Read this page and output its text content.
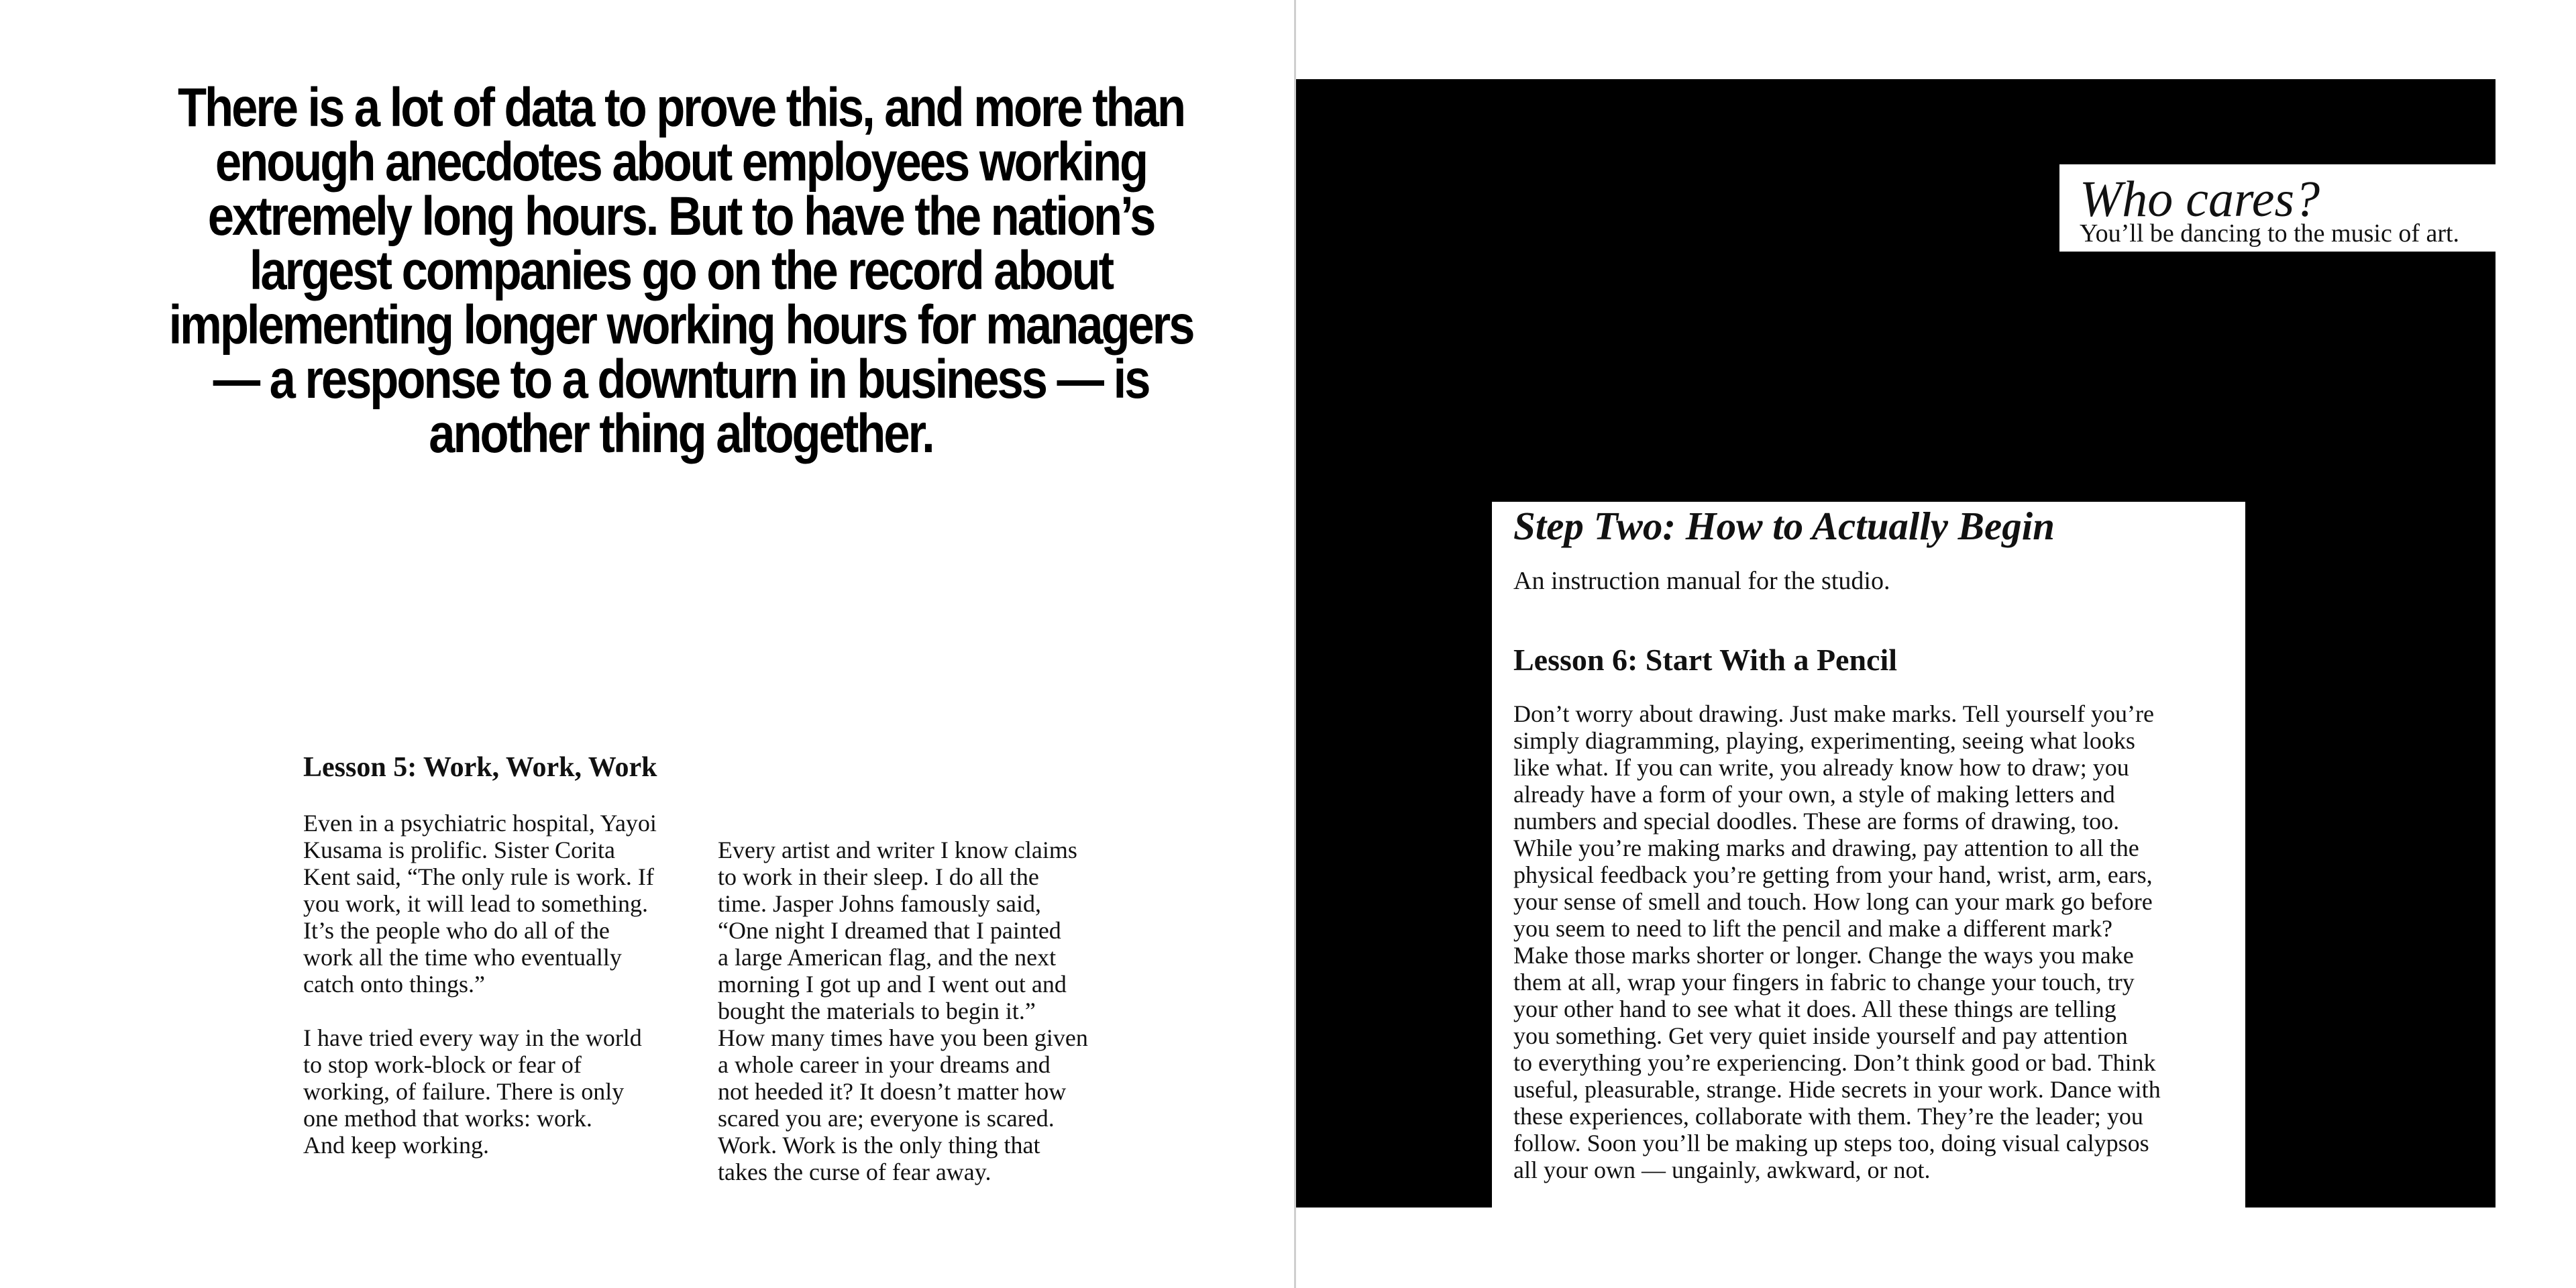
There is a lot of data to prove this, and more than enough anecdotes about employees working extremely long hours. But to have the nation’s largest companies go on the record about implementing longer working hours for managers — a response to a downturn in business — is another thing altogether.

Lesson 5: Work, Work, Work

Even in a psychiatric hospital, Yayoi
Kusama is prolific. Sister Corita
Kent said, “The only rule is work. If
you work, it will lead to something.
It’s the people who do all of the
work all the time who eventually
catch onto things.”

I have tried every way in the world
to stop work-block or fear of
working, of failure. There is only
one method that works: work.
And keep working.

Every artist and writer I know claims
to work in their sleep. I do all the
time. Jasper Johns famously said,
“One night I dreamed that I painted
a large American flag, and the next
morning I got up and I went out and
bought the materials to begin it.”
How many times have you been given
a whole career in your dreams and
not heeded it? It doesn’t matter how
scared you are; everyone is scared.
Work. Work is the only thing that
takes the curse of fear away.

Who cares?

You’ll be dancing to the music of art.

Step Two: How to Actually Begin

An instruction manual for the studio.

Lesson 6: Start With a Pencil

Don’t worry about drawing. Just make marks. Tell yourself you’re
simply diagramming, playing, experimenting, seeing what looks
like what. If you can write, you already know how to draw; you
already have a form of your own, a style of making letters and
numbers and special doodles. These are forms of drawing, too.
While you’re making marks and drawing, pay attention to all the
physical feedback you’re getting from your hand, wrist, arm, ears,
your sense of smell and touch. How long can your mark go before
you seem to need to lift the pencil and make a different mark?
Make those marks shorter or longer. Change the ways you make
them at all, wrap your fingers in fabric to change your touch, try
your other hand to see what it does. All these things are telling
you something. Get very quiet inside yourself and pay attention
to everything you’re experiencing. Don’t think good or bad. Think
useful, pleasurable, strange. Hide secrets in your work. Dance with
these experiences, collaborate with them. They’re the leader; you
follow. Soon you’ll be making up steps too, doing visual calypsos
all your own — ungainly, awkward, or not.
